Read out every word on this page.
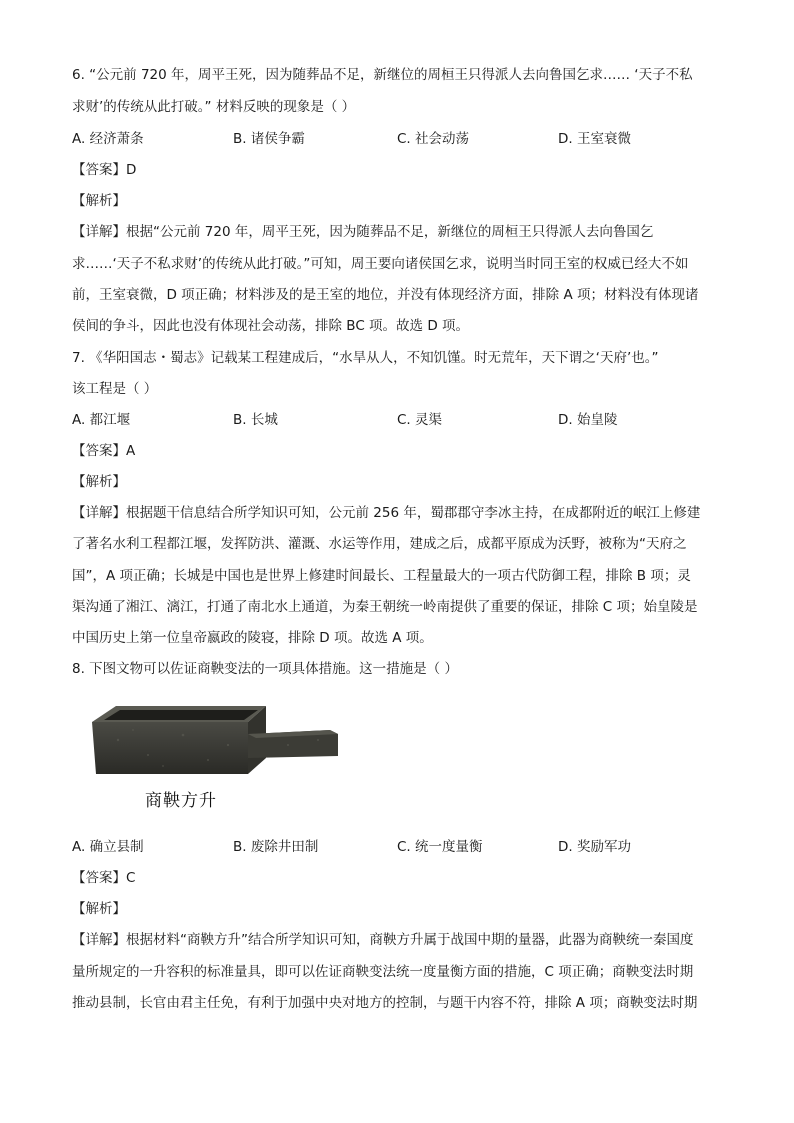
6. “公元前 720 年，周平王死，因为随葬品不足，新继位的周桓王只得派人去向鲁国乞求…… ‘天子不私
求财’的传统从此打破。” 材料反映的现象是（ ）
A. 经济萧条	B. 诸侯争霸	C. 社会动荡	D. 王室衰微
【答案】D
【解析】
【详解】根据“公元前 720 年，周平王死，因为随葬品不足，新继位的周桓王只得派人去向鲁国乞
求……‘天子不私求财’的传统从此打破。”可知，周王要向诸侯国乞求，说明当时同王室的权威已经大不如
前，王室衰微，D 项正确；材料涉及的是王室的地位，并没有体现经济方面，排除 A 项；材料没有体现诸
侯间的争斗，因此也没有体现社会动荡，排除 BC 项。故选 D 项。
7. 《华阳国志・蜀志》记载某工程建成后，“水旱从人，不知饥馑。时无荒年，天下谓之‘天府’也。”
该工程是（ ）
A. 都江堰	B. 长城	C. 灵渠	D. 始皇陵
【答案】A
【解析】
【详解】根据题干信息结合所学知识可知，公元前 256 年，蜀郡郡守李冰主持，在成都附近的岷江上修建
了著名水利工程都江堰，发挥防洪、灌溉、水运等作用，建成之后，成都平原成为沃野，被称为“天府之
国”，A 项正确；长城是中国也是世界上修建时间最长、工程量最大的一项古代防御工程，排除 B 项；灵
渠沟通了湘江、漓江，打通了南北水上通道，为秦王朝统一岭南提供了重要的保证，排除 C 项；始皇陵是
中国历史上第一位皇帝嬴政的陵寝，排除 D 项。故选 A 项。
8. 下图文物可以佐证商鞅变法的一项具体措施。这一措施是（ ）
商鞅方升
A. 确立县制	B. 废除井田制	C. 统一度量衡	D. 奖励军功
【答案】C
【解析】
【详解】根据材料“商鞅方升”结合所学知识可知，商鞅方升属于战国中期的量器，此器为商鞅统一秦国度
量所规定的一升容积的标准量具，即可以佐证商鞅变法统一度量衡方面的措施，C 项正确；商鞅变法时期
推动县制，长官由君主任免，有利于加强中央对地方的控制，与题干内容不符，排除 A 项；商鞅变法时期
